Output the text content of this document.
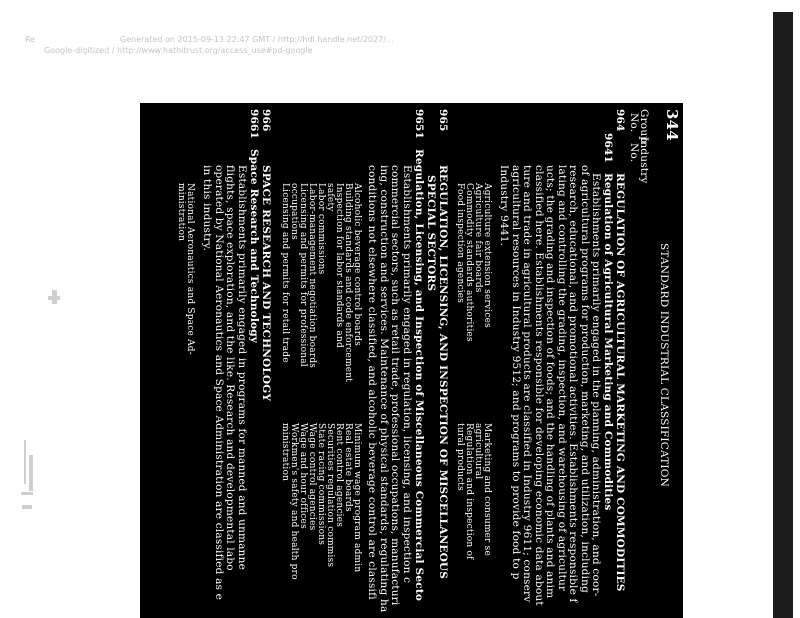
Re	Generated on 2015-09-13 22:47 GMT / http://hdl.handle.net/2027/...
Google-digitized / http://www.hathitrust.org/access_use#pd-google
344
STANDARD INDUSTRIAL CLASSIFICATION
Group
No.
Industry
No.
964
REGULATION OF AGRICULTURAL MARKETING AND COMMODITIES
9641
Regulation of Agricultural Marketing and Commodities
Establishments primarily engaged in the planning, administration, and coor-
of agricultural programs for production, marketing, and utilization, including
research, educational, and promotional activities. Establishments responsible f
lating and controlling the grading, inspection, and warehousing of agricultur
ucts; the grading and inspection of foods; and the handling of plants and anim
classified here. Establishments responsible for developing economic data about
ture and trade in agricultural products are classified in Industry 9611; conserv
agricultural resources in Industry 9512; and programs to provide food to p
Industry 9441.
Agriculture extension services
Agriculture fair boards
Commodity standards authorities
Food inspection agencies
Marketing and consumer se
agricultural
Regulation and inspection of
tural products
965
REGULATION, LICENSING, AND INSPECTION OF MISCELLANEOUS
SPECIAL SECTORS
9651
Regulation, Licensing, and Inspection of Miscellaneous Commercial Secto
Establishments primarily engaged in regulation, licensing, and inspection c
commercial sectors, such as retail trade, professional occupations, manufacturi
ing, construction and services. Maintenance of physical standards, regulating ha
conditions not elsewhere classified, and alcoholic beverage control are classifi
Alcoholic beverage control boards
Building standards and code enforcement
Inspection for labor standards and
safety
Labor commissions
Labor-management negotiation boards
Licensing and permits for professional
occupations
Licensing and permits for retail trade
Minimum wage program admin
Real estate boards
Rent control agencies
Securities regulation commiss
State racing commissions
Wage control agencies
Wage and hour offices
Workmen's safety and health pro
ministration
966
SPACE RESEARCH AND TECHNOLOGY
9661
Space Research and Technology
Establishments primarily engaged in programs for manned and unmanne
flights, space exploration, and the like. Research and developmental labo
operated by National Aeronautics and Space Administration are classified as e
in this industry.
National Aeronautics and Space Ad-
ministration
